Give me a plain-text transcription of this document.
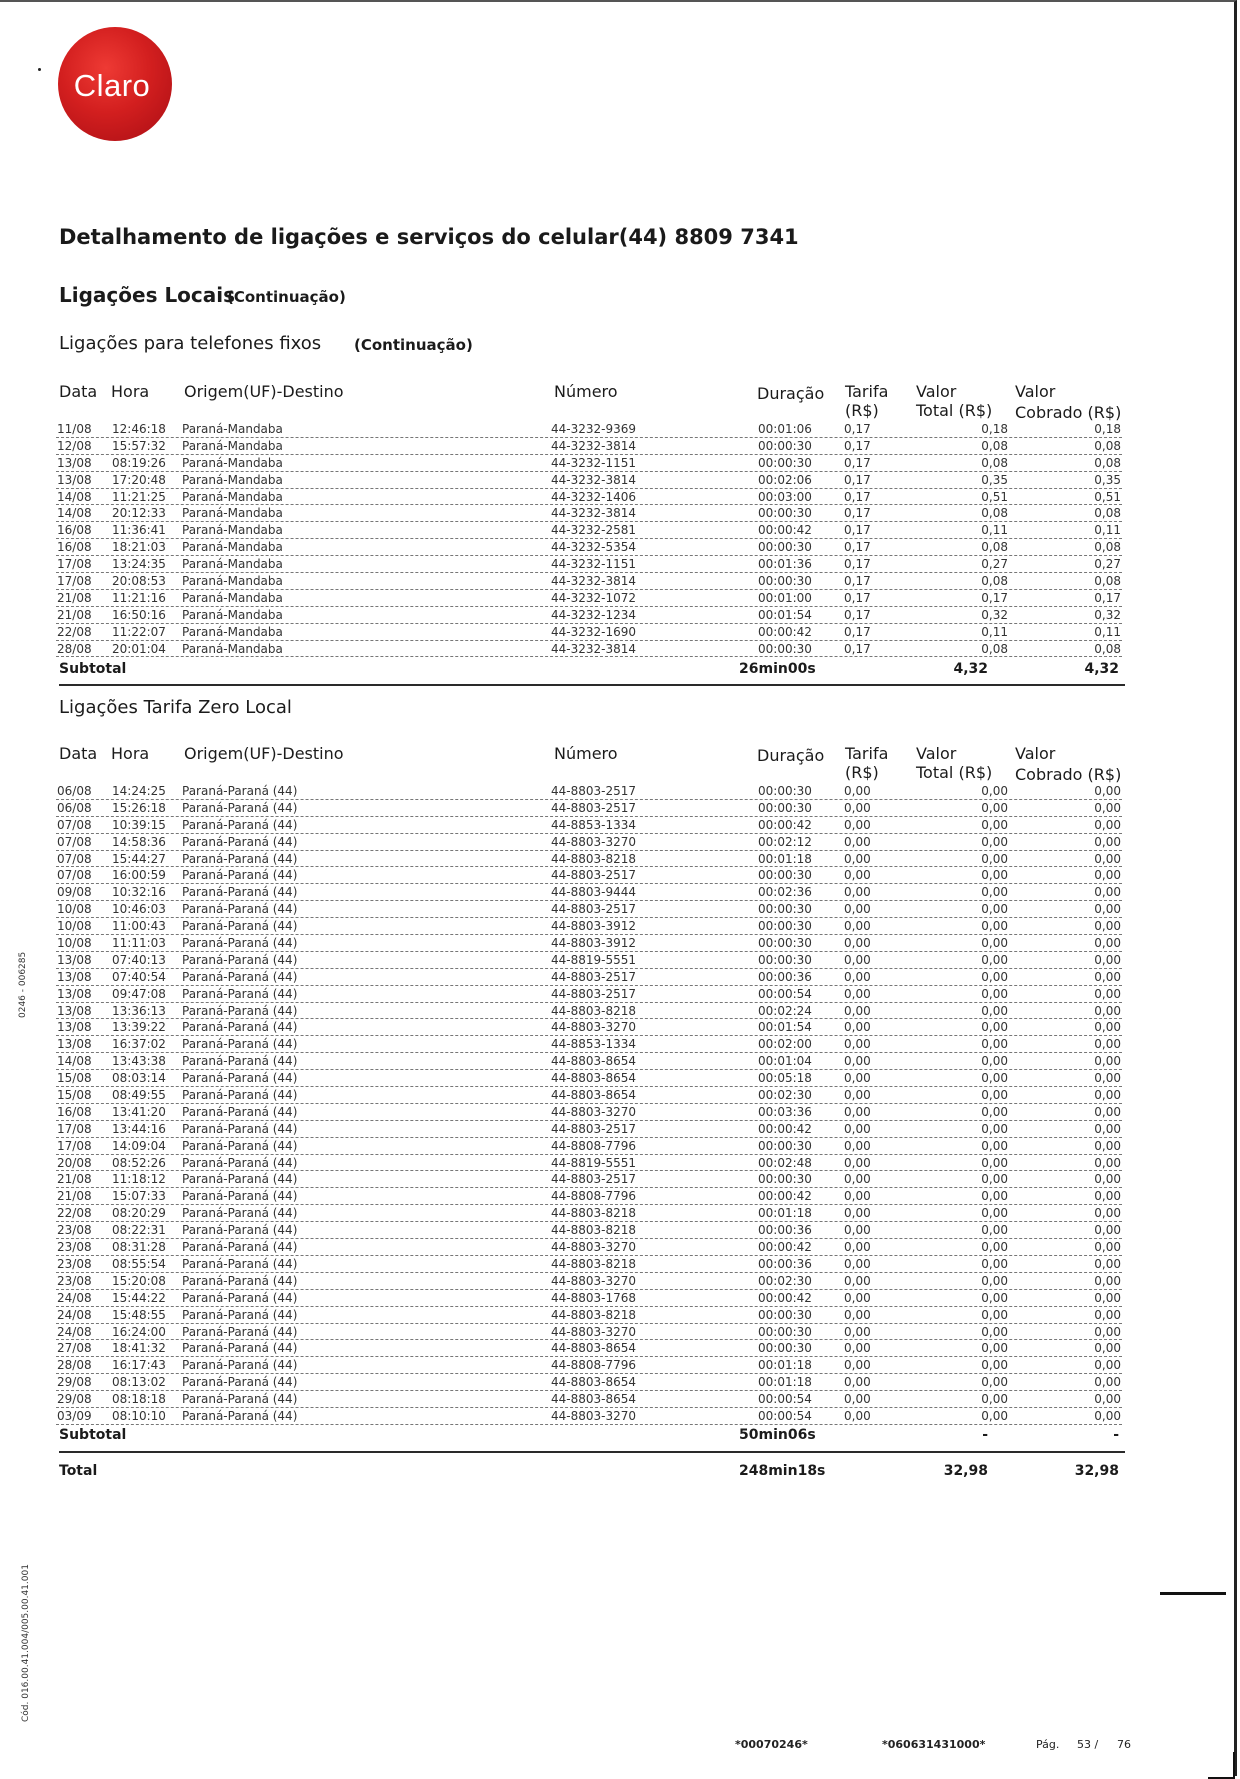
Claro
Detalhamento de ligações e serviços do celular(44) 8809 7341
Ligações Locais
(Continuação)
Ligações para telefones fixos (Continuação)
Data Hora Origem(UF)-Destino	Número	Duração Tarifa
(R$)
Valor
Total (R$)
Valor
Cobrado (R$)
11/08 12:46:18 Paraná-Mandaba	44-3232-9369	00:01:06	0,17	0,18	0,18
12/08 15:57:32 Paraná-Mandaba	44-3232-3814	00:00:30	0,17	0,08	0,08
13/08 08:19:26 Paraná-Mandaba	44-3232-1151	00:00:30	0,17	0,08	0,08
13/08 17:20:48 Paraná-Mandaba	44-3232-3814	00:02:06	0,17	0,35	0,35
14/08 11:21:25 Paraná-Mandaba	44-3232-1406	00:03:00	0,17	0,51	0,51
14/08 20:12:33 Paraná-Mandaba	44-3232-3814	00:00:30	0,17	0,08	0,08
16/08 11:36:41 Paraná-Mandaba	44-3232-2581	00:00:42	0,17	0,11	0,11
16/08 18:21:03 Paraná-Mandaba	44-3232-5354	00:00:30	0,17	0,08	0,08
17/08 13:24:35 Paraná-Mandaba	44-3232-1151	00:01:36	0,17	0,27	0,27
17/08 20:08:53 Paraná-Mandaba	44-3232-3814	00:00:30	0,17	0,08	0,08
21/08 11:21:16 Paraná-Mandaba	44-3232-1072	00:01:00	0,17	0,17	0,17
21/08 16:50:16 Paraná-Mandaba	44-3232-1234	00:01:54	0,17	0,32	0,32
22/08 11:22:07 Paraná-Mandaba	44-3232-1690	00:00:42	0,17	0,11	0,11
28/08 20:01:04 Paraná-Mandaba	44-3232-3814	00:00:30	0,17	0,08	0,08
Subtotal	26min00s	4,32	4,32
Ligações Tarifa Zero Local
Data Hora Origem(UF)-Destino	Número	Duração Tarifa
(R$)
Valor
Total (R$)
Valor
Cobrado (R$)
06/08 14:24:25 Paraná-Paraná (44)	44-8803-2517	00:00:30	0,00	0,00	0,00
06/08 15:26:18 Paraná-Paraná (44)	44-8803-2517	00:00:30	0,00	0,00	0,00
07/08 10:39:15 Paraná-Paraná (44)	44-8853-1334	00:00:42	0,00	0,00	0,00
07/08 14:58:36 Paraná-Paraná (44)	44-8803-3270	00:02:12	0,00	0,00	0,00
07/08 15:44:27 Paraná-Paraná (44)	44-8803-8218	00:01:18	0,00	0,00	0,00
07/08 16:00:59 Paraná-Paraná (44)	44-8803-2517	00:00:30	0,00	0,00	0,00
09/08 10:32:16 Paraná-Paraná (44)	44-8803-9444	00:02:36	0,00	0,00	0,00
10/08 10:46:03 Paraná-Paraná (44)	44-8803-2517	00:00:30	0,00	0,00	0,00
10/08 11:00:43 Paraná-Paraná (44)	44-8803-3912	00:00:30	0,00	0,00	0,00
10/08 11:11:03 Paraná-Paraná (44)	44-8803-3912	00:00:30	0,00	0,00	0,00
13/08 07:40:13 Paraná-Paraná (44)	44-8819-5551	00:00:30	0,00	0,00	0,00
13/08 07:40:54 Paraná-Paraná (44)	44-8803-2517	00:00:36	0,00	0,00	0,00
13/08 09:47:08 Paraná-Paraná (44)	44-8803-2517	00:00:54	0,00	0,00	0,00
13/08 13:36:13 Paraná-Paraná (44)	44-8803-8218	00:02:24	0,00	0,00	0,00
13/08 13:39:22 Paraná-Paraná (44)	44-8803-3270	00:01:54	0,00	0,00	0,00
13/08 16:37:02 Paraná-Paraná (44)	44-8853-1334	00:02:00	0,00	0,00	0,00
14/08 13:43:38 Paraná-Paraná (44)	44-8803-8654	00:01:04	0,00	0,00	0,00
15/08 08:03:14 Paraná-Paraná (44)	44-8803-8654	00:05:18	0,00	0,00	0,00
15/08 08:49:55 Paraná-Paraná (44)	44-8803-8654	00:02:30	0,00	0,00	0,00
16/08 13:41:20 Paraná-Paraná (44)	44-8803-3270	00:03:36	0,00	0,00	0,00
17/08 13:44:16 Paraná-Paraná (44)	44-8803-2517	00:00:42	0,00	0,00	0,00
17/08 14:09:04 Paraná-Paraná (44)	44-8808-7796	00:00:30	0,00	0,00	0,00
20/08 08:52:26 Paraná-Paraná (44)	44-8819-5551	00:02:48	0,00	0,00	0,00
21/08 11:18:12 Paraná-Paraná (44)	44-8803-2517	00:00:30	0,00	0,00	0,00
21/08 15:07:33 Paraná-Paraná (44)	44-8808-7796	00:00:42	0,00	0,00	0,00
22/08 08:20:29 Paraná-Paraná (44)	44-8803-8218	00:01:18	0,00	0,00	0,00
23/08 08:22:31 Paraná-Paraná (44)	44-8803-8218	00:00:36	0,00	0,00	0,00
23/08 08:31:28 Paraná-Paraná (44)	44-8803-3270	00:00:42	0,00	0,00	0,00
23/08 08:55:54 Paraná-Paraná (44)	44-8803-8218	00:00:36	0,00	0,00	0,00
23/08 15:20:08 Paraná-Paraná (44)	44-8803-3270	00:02:30	0,00	0,00	0,00
24/08 15:44:22 Paraná-Paraná (44)	44-8803-1768	00:00:42	0,00	0,00	0,00
24/08 15:48:55 Paraná-Paraná (44)	44-8803-8218	00:00:30	0,00	0,00	0,00
24/08 16:24:00 Paraná-Paraná (44)	44-8803-3270	00:00:30	0,00	0,00	0,00
27/08 18:41:32 Paraná-Paraná (44)	44-8803-8654	00:00:30	0,00	0,00	0,00
28/08 16:17:43 Paraná-Paraná (44)	44-8808-7796	00:01:18	0,00	0,00	0,00
29/08 08:13:02 Paraná-Paraná (44)	44-8803-8654	00:01:18	0,00	0,00	0,00
29/08 08:18:18 Paraná-Paraná (44)	44-8803-8654	00:00:54	0,00	0,00	0,00
03/09 08:10:10 Paraná-Paraná (44)	44-8803-3270	00:00:54	0,00	0,00	0,00
Subtotal	50min06s	-	-
Total	248min18s	32,98	32,98
0246 - 006285
Cód. 016.00.41.004/005.00.41.001
*00070246*	*060631431000*	Pág. 53 / 76
